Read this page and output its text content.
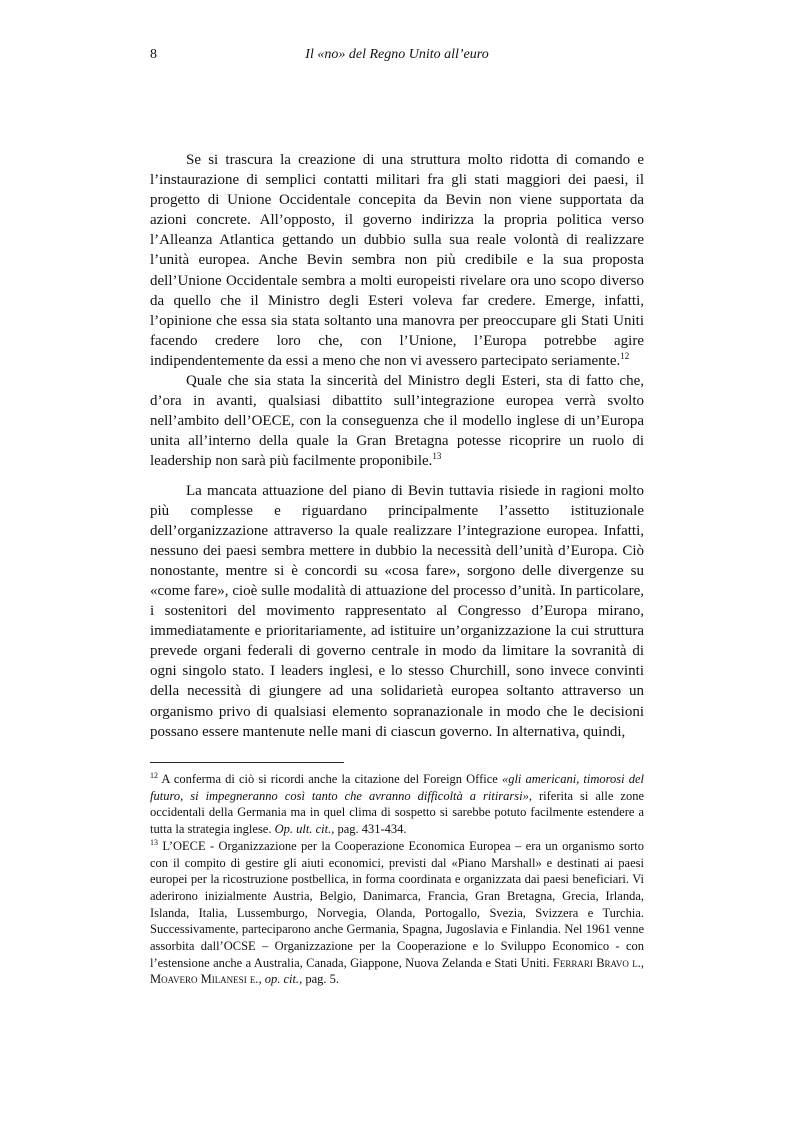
8	Il «no» del Regno Unito all’euro

Se si trascura la creazione di una struttura molto ridotta di comando e l’instaurazione di semplici contatti militari fra gli stati maggiori dei paesi, il progetto di Unione Occidentale concepita da Bevin non viene supportata da azioni concrete. All’opposto, il governo indirizza la propria politica verso l’Alleanza Atlantica gettando un dubbio sulla sua reale volontà di realizzare l’unità europea. Anche Bevin sembra non più credibile e la sua proposta dell’Unione Occidentale sembra a molti europeisti rivelare ora uno scopo diverso da quello che il Ministro degli Esteri voleva far credere. Emerge, infatti, l’opinione che essa sia stata soltanto una manovra per preoccupare gli Stati Uniti facendo credere loro che, con l’Unione, l’Europa potrebbe agire indipendentemente da essi a meno che non vi avessero partecipato seriamente.$^{12}$

Quale che sia stata la sincerità del Ministro degli Esteri, sta di fatto che, d’ora in avanti, qualsiasi dibattito sull’integrazione europea verrà svolto nell’ambito dell’OECE, con la conseguenza che il modello inglese di un’Europa unita all’interno della quale la Gran Bretagna potesse ricoprire un ruolo di leadership non sarà più facilmente proponibile.$^{13}$

La mancata attuazione del piano di Bevin tuttavia risiede in ragioni molto più complesse e riguardano principalmente l’assetto istituzionale dell’organizzazione attraverso la quale realizzare l’integrazione europea. Infatti, nessuno dei paesi sembra mettere in dubbio la necessità dell’unità d’Europa. Ciò nonostante, mentre si è concordi su «cosa fare», sorgono delle divergenze su «come fare», cioè sulle modalità di attuazione del processo d’unità. In particolare, i sostenitori del movimento rappresentato al Congresso d’Europa mirano, immediatamente e prioritariamente, ad istituire un’organizzazione la cui struttura prevede organi federali di governo centrale in modo da limitare la sovranità di ogni singolo stato. I leaders inglesi, e lo stesso Churchill, sono invece convinti della necessità di giungere ad una solidarietà europea soltanto attraverso un organismo privo di qualsiasi elemento sopranazionale in modo che le decisioni possano essere mantenute nelle mani di ciascun governo. In alternativa, quindi,

$^{12}$ A conferma di ciò si ricordi anche la citazione del Foreign Office «gli americani, timorosi del futuro, si impegneranno così tanto che avranno difficoltà a ritirarsi», riferita si alle zone occidentali della Germania ma in quel clima di sospetto si sarebbe potuto facilmente estendere a tutta la strategia inglese. Op. ult. cit., pag. 431-434.

$^{13}$ L’OECE - Organizzazione per la Cooperazione Economica Europea – era un organismo sorto con il compito di gestire gli aiuti economici, previsti dal «Piano Marshall» e destinati ai paesi europei per la ricostruzione postbellica, in forma coordinata e organizzata dai paesi beneficiari. Vi aderirono inizialmente Austria, Belgio, Danimarca, Francia, Gran Bretagna, Grecia, Irlanda, Islanda, Italia, Lussemburgo, Norvegia, Olanda, Portogallo, Svezia, Svizzera e Turchia. Successivamente, parteciparono anche Germania, Spagna, Jugoslavia e Finlandia. Nel 1961 venne assorbita dall’OCSE – Organizzazione per la Cooperazione e lo Sviluppo Economico - con l’estensione anche a Australia, Canada, Giappone, Nuova Zelanda e Stati Uniti. Ferrari Bravo l., Moavero Milanesi e., op. cit., pag. 5.
